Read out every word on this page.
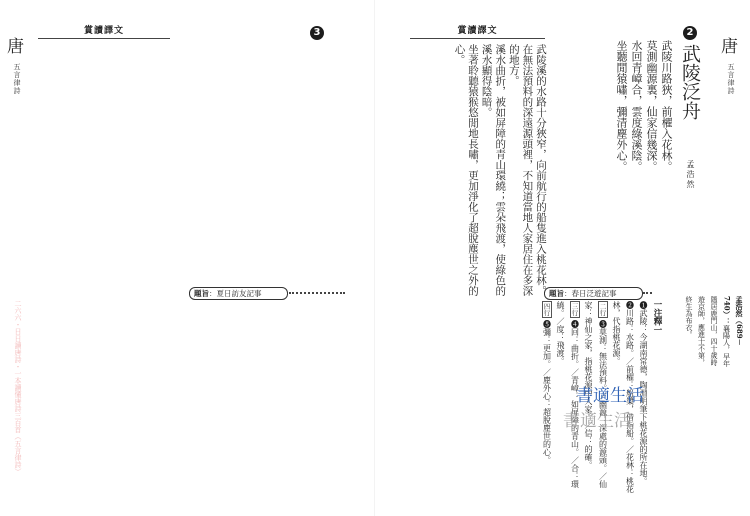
唐
五言律詩
賞讀譯文	3

題旨：夏日訪友記事

二六六・日日讀唐詩・一本讀懂唐詩三百首（五言律詩）
唐
五言律詩
2
武陵泛舟
孟浩然

武陵川路狹，前櫂入花林。

莫測幽源裏，仙家信幾深。

水回青嶂合，雲度綠溪陰。

坐聽閒猿嘯，彌清塵外心。

賞讀譯文

武陵溪的水路十分狹窄，向前航行的船隻進入桃花林。

在無法預料的深遠源頭裡，不知道當地人家居住在多深的地方。

溪水曲折，被如屏障的青山環繞；雲朵飛渡，使綠色的溪水顯得陰暗。

坐著聆聽猿猴悠閒地長嘯，更加淨化了超脫塵世之外的心。

題旨：春日泛遊記事
一注釋一

❶武陵：今湖南常德，陶淵明筆下桃花源的所在地。

❷川路：水路。／前櫂：船槳，借指船。／花林：桃花林，代指桃花源。

二行❸莫測：無法預料。／幽源：深處的源頭。／仙家：神仙之家，指桃花源中人家。／信：的確。

三行❹回：曲折。／青嶂：如屏障的青山。／合：環繞。／度：飛渡。

四行❺彌：更加。／塵外心：超脫塵世的心。	孟浩然（689－740）：襄陽人，早年隱居鹿門山，四十歲時遊京師，應進士不第，終生為布衣。

書適生活
書適生活
